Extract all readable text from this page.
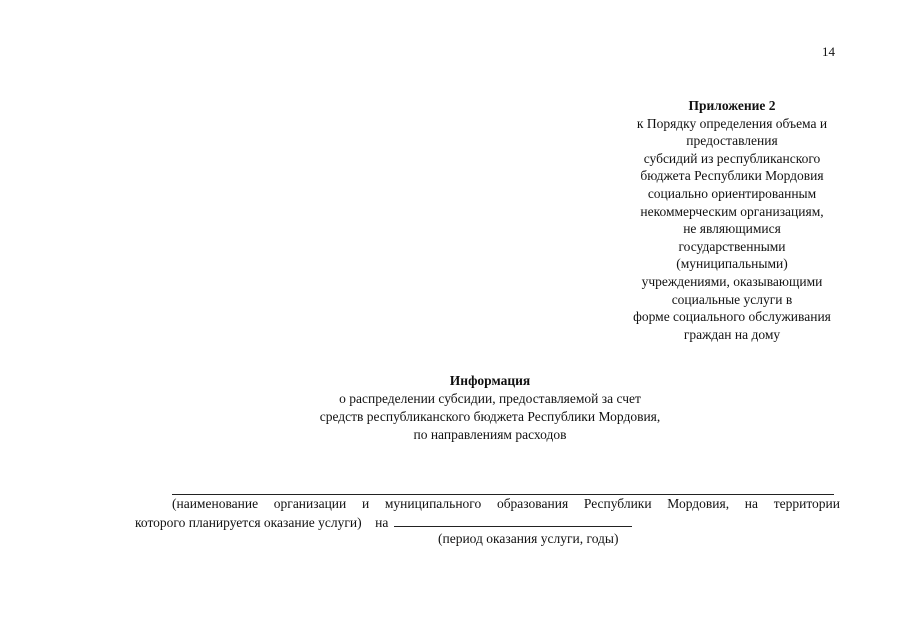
14
Приложение 2
к Порядку определения объема и
предоставления
субсидий из республиканского
бюджета Республики Мордовия
социально ориентированным
некоммерческим организациям,
не являющимися
государственными
(муниципальными)
учреждениями, оказывающими
социальные услуги в
форме социального обслуживания
граждан на дому
Информация
о распределении субсидии, предоставляемой за счет
средств республиканского бюджета Республики Мордовия,
по направлениям расходов
(наименование организации и муниципального образования Республики Мордовия, на территории
которого планируется оказание услуги) на
(период оказания услуги, годы)
